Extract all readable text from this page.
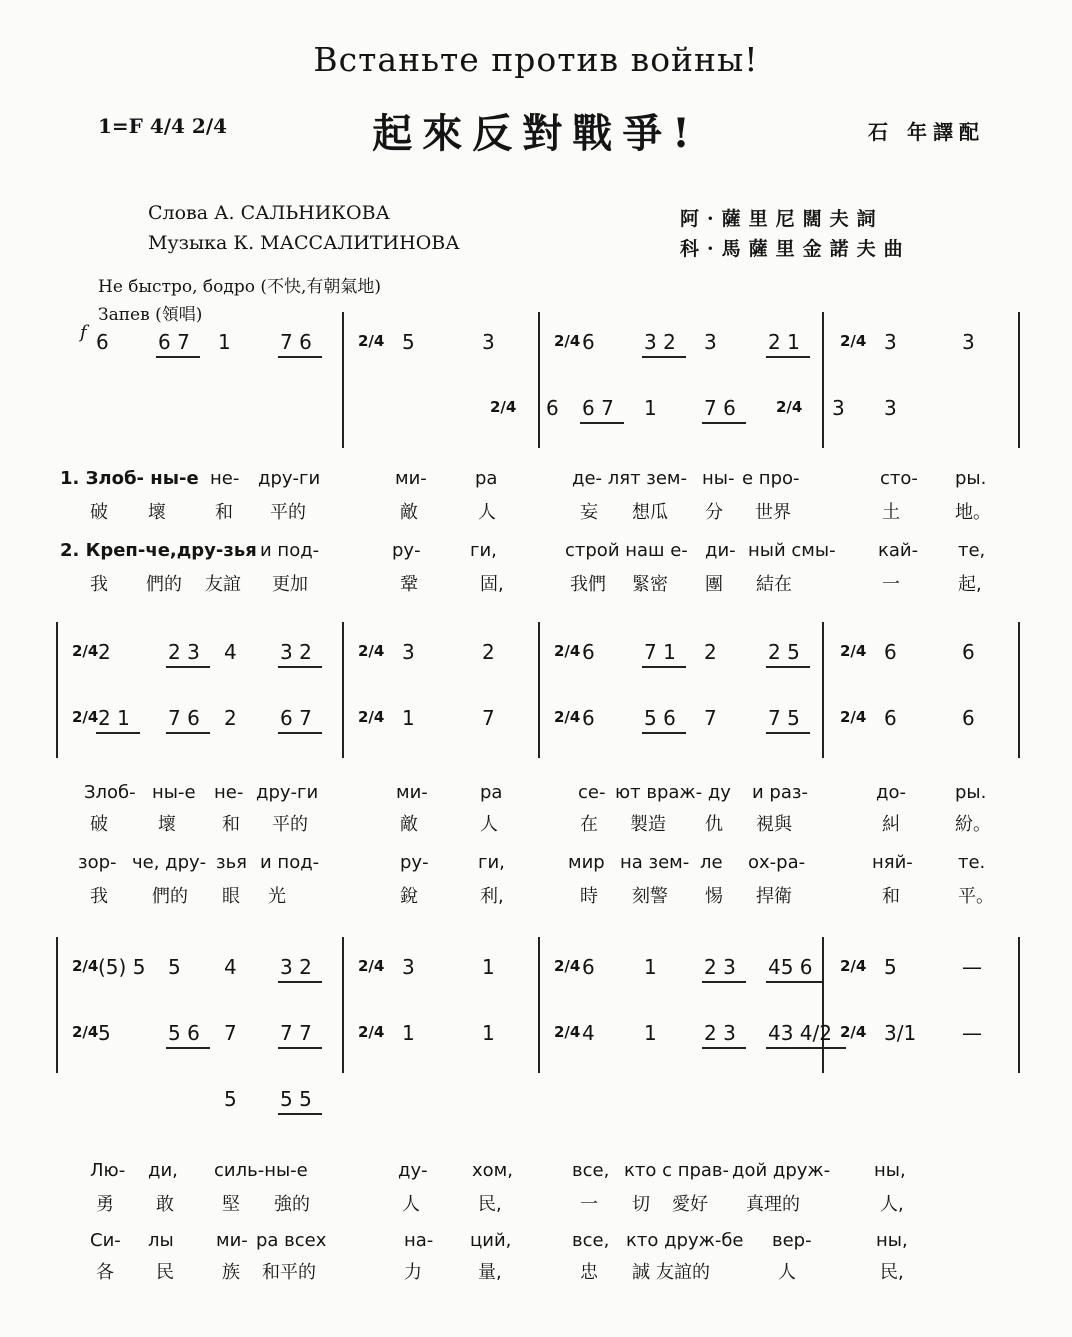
Встаньте против войны!
起來反對戰爭!
1=F 4/4 2/4	石 年譯配
Слова А. САЛЬНИКОВА
Музыка К. МАССАЛИТИНОВА
阿·薩里尼闊夫詞
科·馬薩里金諾夫曲
Не быстро, бодро (不快,有朝氣地)
Запев (領唱)
f 6 6 7 1 7 6	2/4 5	3	2/4 6 3 2 3	2 1	2/4 3	3
2/4 6 6 7 1 7 6	2/4 3 3
1. Злоб- ны-е не- дру-ги	ми-	ра	де- лят зем- ны- е про-	сто- ры.
破 壞	和 平的	敵	人	妄 想瓜 分 世界	土	地。
2. Креп-че,дру-зья и под-	ру-	ги,	строй наш е- ди- ный смы- кай- те,
我 們的 友誼 更加	鞏	固,	我們 緊密 團 結在	一	起,
2/4 2	2 3 4 3 2	2/4 3	2	2/4 6 7 1 2	2 5	2/4 6	6
2/4 2 1 7 6 2 6 7	2/4 1	7	2/4 6 5 6 7	7 5	2/4 6	6
Злоб- ны-е не- дру-ги	ми-	ра	се- ют враж- ду и раз-	до-	ры.
破	壞	和 平的	敵	人	在 製造 仇 視與	糾	紛。
зор- че, дру- зья и под-	ру-	ги,	мир на зем- ле ох-ра-	няй-	те.
我 們的 眼 光	銳	利,	時 刻警 惕 捍衛	和	平。
2/4 (5) 5 5 4 3 2	2/4 3	1	2/4 6 1 2 3 45 6 2/4 5	—
2/4 5	5 6 7 7 7	2/4 1	1	2/4 4 1 2 3 43 4/2 2/4 3/1 —
5 5 5
Лю- ди, силь-ны-е	ду- хом,	все, кто с прав- дой друж- ны,
勇 敢	堅 強的	人	民,	一 切 愛好 真理的	人,
Си- лы ми- ра всех	на- ций,	все, кто друж-бе вер-	ны,
各 民	族 和平的	力	量,	忠 誠 友誼的	人	民,
